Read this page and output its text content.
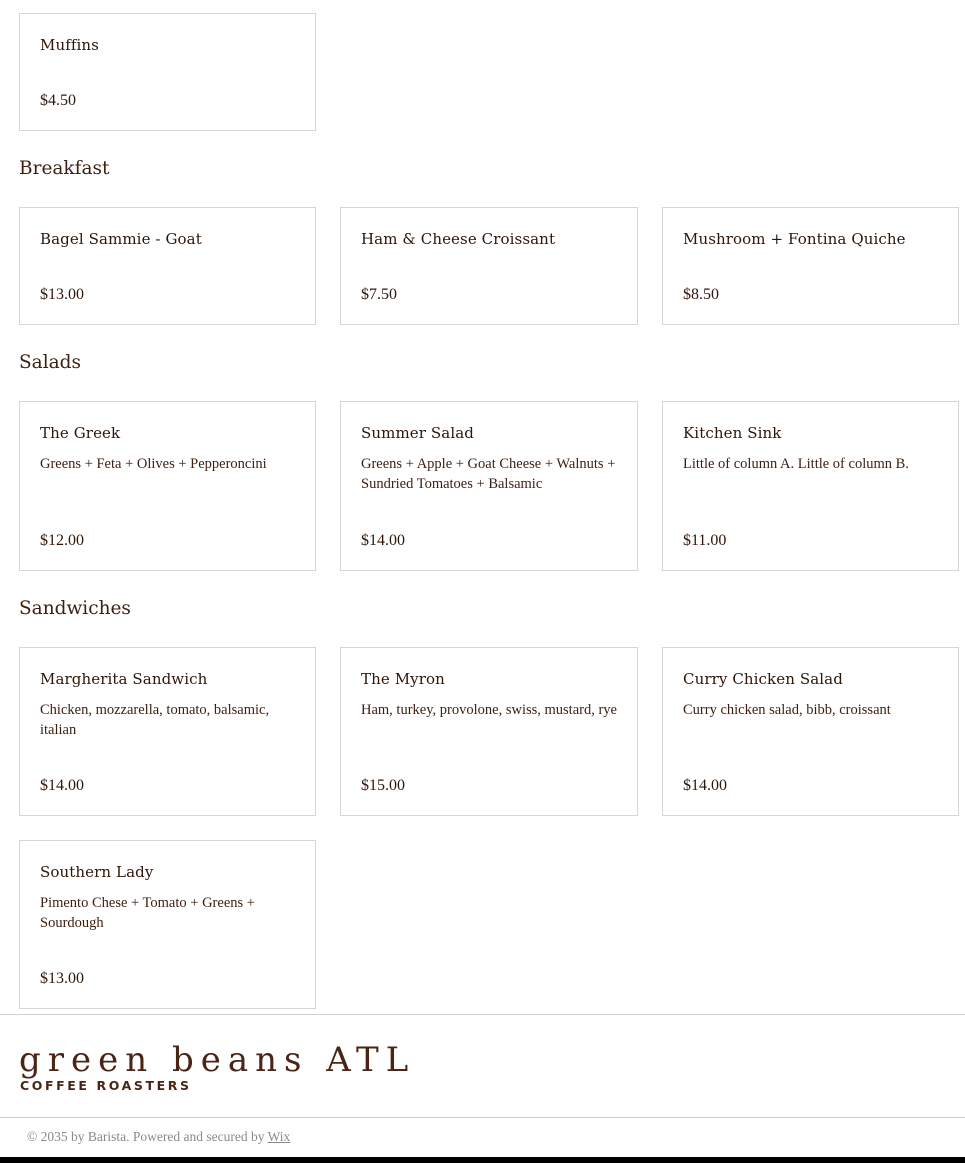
Muffins
$4.50
Breakfast
Bagel Sammie - Goat
$13.00
Ham & Cheese Croissant
$7.50
Mushroom + Fontina Quiche
$8.50
Salads
The Greek
Greens + Feta + Olives + Pepperoncini
$12.00
Summer Salad
Greens + Apple + Goat Cheese + Walnuts + Sundried Tomatoes + Balsamic
$14.00
Kitchen Sink
Little of column A. Little of column B.
$11.00
Sandwiches
Margherita Sandwich
Chicken, mozzarella, tomato, balsamic, italian
$14.00
The Myron
Ham, turkey, provolone, swiss, mustard, rye
$15.00
Curry Chicken Salad
Curry chicken salad, bibb, croissant
$14.00
Southern Lady
Pimento Chese + Tomato + Greens + Sourdough
$13.00
green beans ATL
COFFEE ROASTERS
© 2035 by Barista. Powered and secured by Wix
